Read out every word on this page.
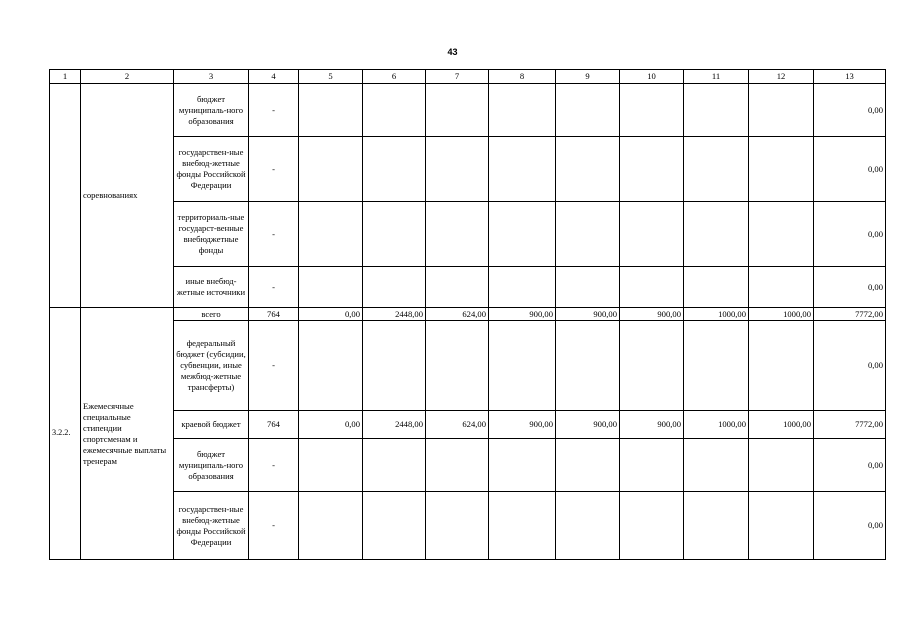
43
1	2	3	4	5	6	7	8	9	10	11	12	13
	соревнованиях	бюджет муниципаль-ного образования	-									0,00
		государствен-ные внебюд-жетные фонды Российской Федерации	-									0,00
		территориаль-ные государст-венные внебюджетные фонды	-									0,00
		иные внебюд-жетные источники	-									0,00
3.2.2.	Ежемесячные специальные стипендии спортсменам и ежемесячные выплаты тренерам	всего	764	0,00	2448,00	624,00	900,00	900,00	900,00	1000,00	1000,00	7772,00
		федеральный бюджет (субсидии, субвенции, иные межбюд-жетные трансферты)	-									0,00
		краевой бюджет	764	0,00	2448,00	624,00	900,00	900,00	900,00	1000,00	1000,00	7772,00
		бюджет муниципаль-ного образования	-									0,00
		государствен-ные внебюд-жетные фонды Российской Федерации	-									0,00
